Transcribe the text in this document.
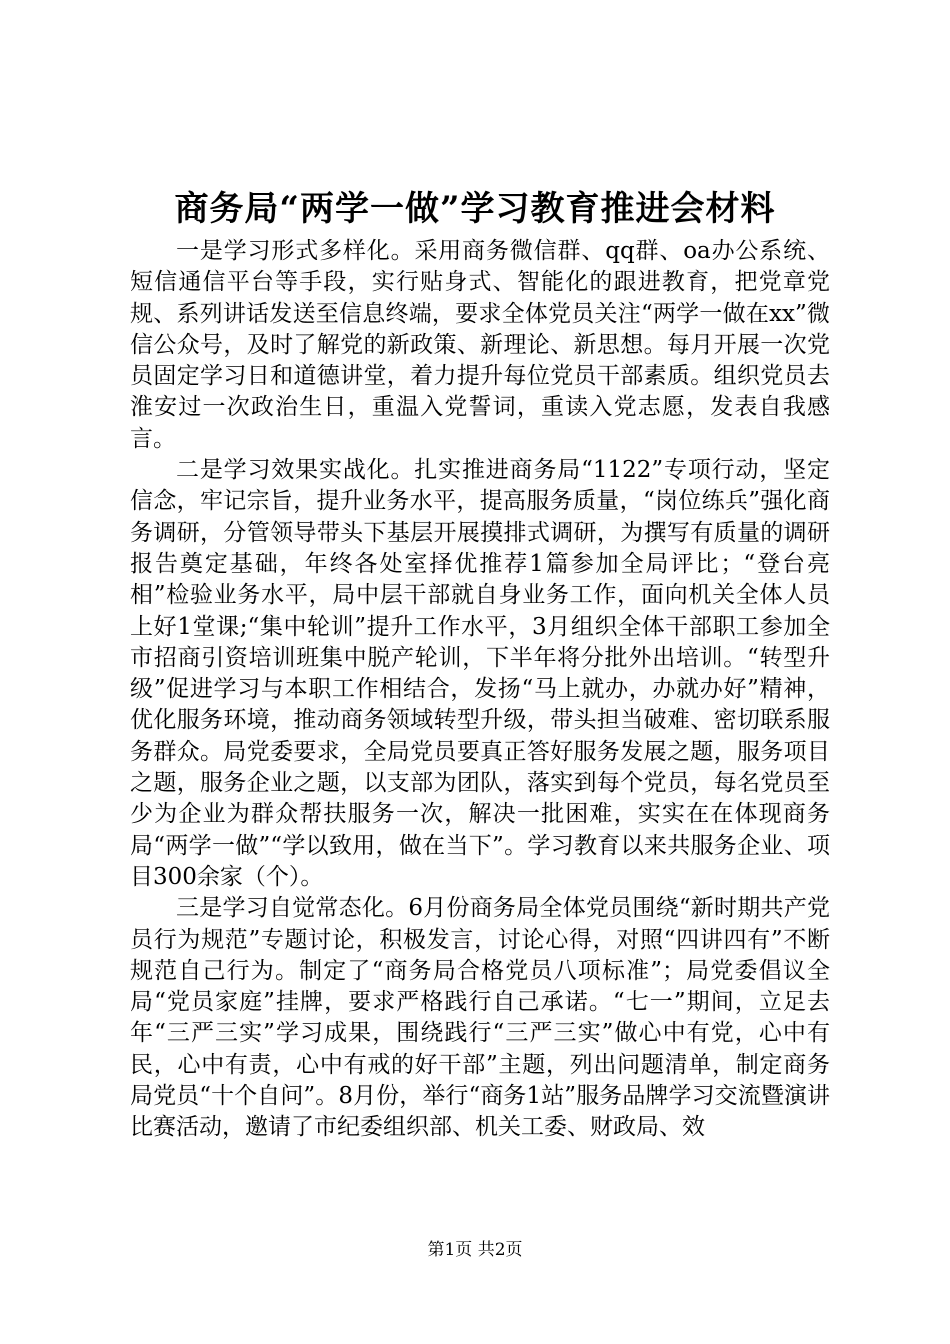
商务局“两学一做”学习教育推进会材料

一是学习形式多样化。采用商务微信群、qq群、oa办公系统、短信通信平台等手段，实行贴身式、智能化的跟进教育，把党章党规、系列讲话发送至信息终端，要求全体党员关注“两学一做在xx”微信公众号，及时了解党的新政策、新理论、新思想。每月开展一次党员固定学习日和道德讲堂，着力提升每位党员干部素质。组织党员去淮安过一次政治生日，重温入党誓词，重读入党志愿，发表自我感言。

二是学习效果实战化。扎实推进商务局“1122”专项行动，坚定信念，牢记宗旨，提升业务水平，提高服务质量，“岗位练兵”强化商务调研，分管领导带头下基层开展摸排式调研，为撰写有质量的调研报告奠定基础，年终各处室择优推荐1篇参加全局评比；“登台亮相”检验业务水平，局中层干部就自身业务工作，面向机关全体人员上好1堂课;“集中轮训”提升工作水平，3月组织全体干部职工参加全市招商引资培训班集中脱产轮训，下半年将分批外出培训。“转型升级”促进学习与本职工作相结合，发扬“马上就办，办就办好”精神，优化服务环境，推动商务领域转型升级，带头担当破难、密切联系服务群众。局党委要求，全局党员要真正答好服务发展之题，服务项目之题，服务企业之题，以支部为团队，落实到每个党员，每名党员至少为企业为群众帮扶服务一次，解决一批困难，实实在在体现商务局“两学一做”“学以致用，做在当下”。学习教育以来共服务企业、项目300余家（个）。

三是学习自觉常态化。6月份商务局全体党员围绕“新时期共产党员行为规范”专题讨论，积极发言，讨论心得，对照“四讲四有”不断规范自己行为。制定了“商务局合格党员八项标准”；局党委倡议全局“党员家庭”挂牌，要求严格践行自己承诺。“七一”期间，立足去年“三严三实”学习成果，围绕践行“三严三实”做心中有党，心中有民，心中有责，心中有戒的好干部”主题，列出问题清单，制定商务局党员“十个自问”。8月份，举行“商务1站”服务品牌学习交流暨演讲比赛活动，邀请了市纪委组织部、机关工委、财政局、效

第1页 共2页
